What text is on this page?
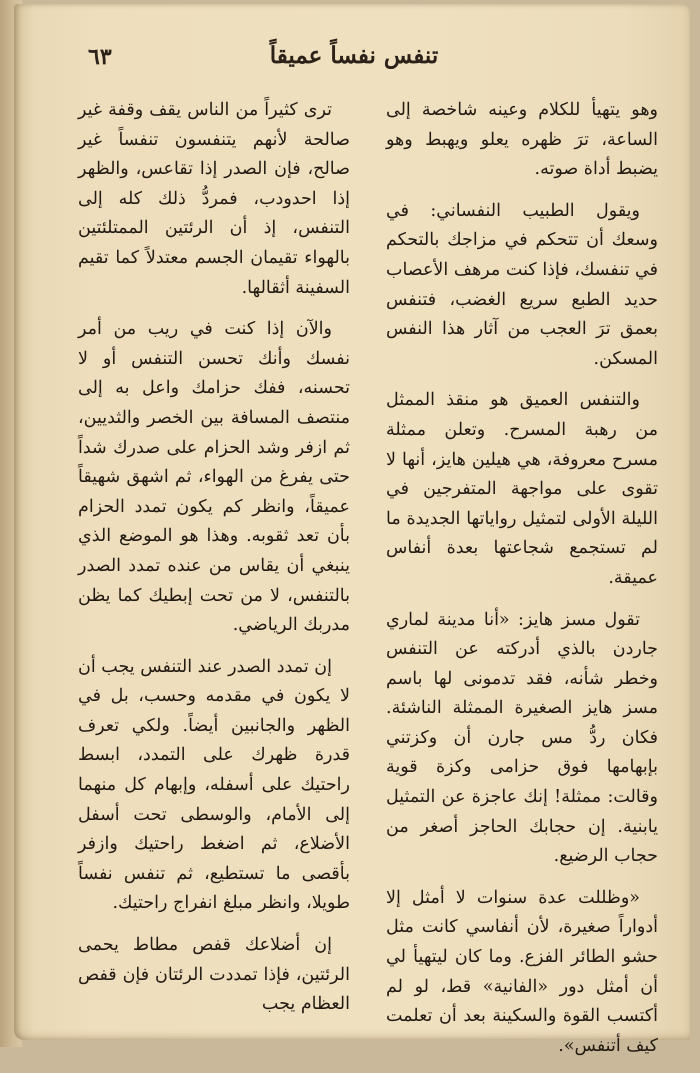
تنفس نفساً عميقاً
٦٣

وهو يتهيأ للكلام وعينه شاخصة إلى الساعة، ترَ ظهره يعلو ويهبط وهو يضبط أداة صوته.

ويقول الطبيب النفساني: في وسعك أن تتحكم في مزاجك بالتحكم في تنفسك، فإذا كنت مرهف الأعصاب حديد الطبع سريع الغضب، فتنفس بعمق ترَ العجب من آثار هذا النفس المسكن.

والتنفس العميق هو منقذ الممثل من رهبة المسرح. وتعلن ممثلة مسرح معروفة، هي هيلين هايز، أنها لا تقوى على مواجهة المتفرجين في الليلة الأولى لتمثيل رواياتها الجديدة ما لم تستجمع شجاعتها بعدة أنفاس عميقة.

تقول مسز هايز: «أنا مدينة لماري جاردن بالذي أدركته عن التنفس وخطر شأنه، فقد تدمونى لها باسم مسز هايز الصغيرة الممثلة الناشئة. فكان ردُّ مس جارن أن وكزتني بإبهامها فوق حزامى وكزة قوية وقالت: ممثلة! إنك عاجزة عن التمثيل يابنية. إن حجابك الحاجز أصغر من حجاب الرضيع.

«وظللت عدة سنوات لا أمثل إلا أدواراً صغيرة، لأن أنفاسي كانت مثل حشو الطائر الفزع. وما كان ليتهيأ لي أن أمثل دور «الفانية» قط، لو لم أكتسب القوة والسكينة بعد أن تعلمت كيف أتنفس».

ترى كثيراً من الناس يقف وقفة غير صالحة لأنهم يتنفسون تنفساً غير صالح، فإن الصدر إذا تقاعس، والظهر إذا احدودب، فمردُّ ذلك كله إلى التنفس، إذ أن الرئتين الممتلئتين بالهواء تقيمان الجسم معتدلاً كما تقيم السفينة أثقالها.

والآن إذا كنت في ريب من أمر نفسك وأنك تحسن التنفس أو لا تحسنه، ففك حزامك واعل به إلى منتصف المسافة بين الخصر والثديين، ثم ازفر وشد الحزام على صدرك شداً حتى يفرغ من الهواء، ثم اشهق شهيقاً عميقاً، وانظر كم يكون تمدد الحزام بأن تعد ثقوبه. وهذا هو الموضع الذي ينبغي أن يقاس من عنده تمدد الصدر بالتنفس، لا من تحت إبطيك كما يظن مدربك الرياضي.

إن تمدد الصدر عند التنفس يجب أن لا يكون في مقدمه وحسب، بل في الظهر والجانبين أيضاً. ولكي تعرف قدرة ظهرك على التمدد، ابسط راحتيك على أسفله، وإبهام كل منهما إلى الأمام، والوسطى تحت أسفل الأضلاع، ثم اضغط راحتيك وازفر بأقصى ما تستطيع، ثم تنفس نفساً طويلا، وانظر مبلغ انفراج راحتيك.

إن أضلاعك قفص مطاط يحمى الرئتين، فإذا تمددت الرئتان فإن قفص العظام يجب
